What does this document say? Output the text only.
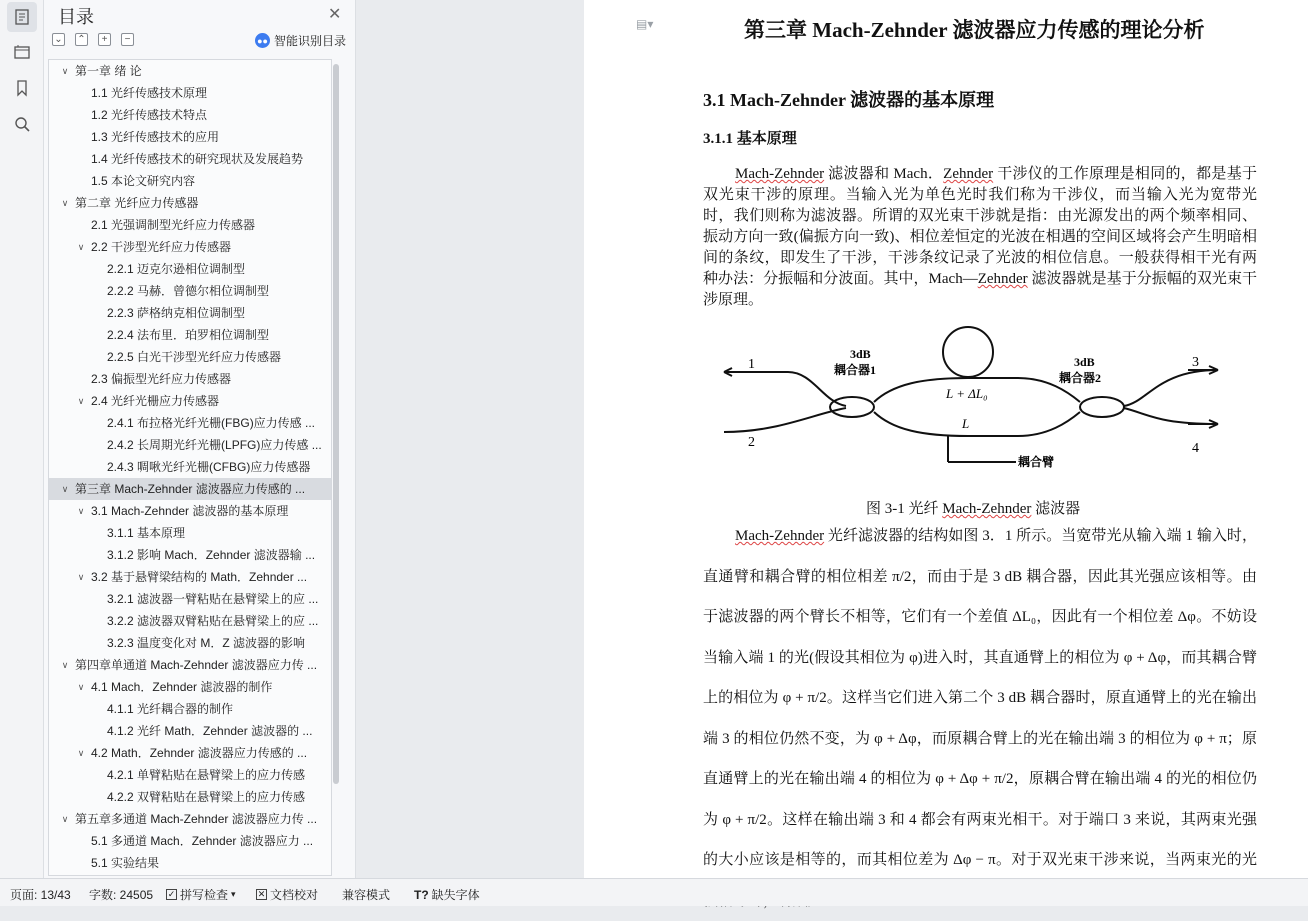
目录	✕
⌄ ⌃	+	−	●● 智能识别目录
∨ 第一章 绪 论
1.1 光纤传感技术原理
1.2 光纤传感技术特点
1.3 光纤传感技术的应用
1.4 光纤传感技术的研究现状及发展趋势
1.5 本论文研究内容
∨ 第二章 光纤应力传感器
2.1 光强调制型光纤应力传感器
∨ 2.2 干涉型光纤应力传感器
2.2.1 迈克尔逊相位调制型
2.2.2 马赫．曾德尔相位调制型
2.2.3 萨格纳克相位调制型
2.2.4 法布里．珀罗相位调制型
2.2.5 白光干涉型光纤应力传感器
2.3 偏振型光纤应力传感器
∨ 2.4 光纤光栅应力传感器
2.4.1 布拉格光纤光栅(FBG)应力传感 ...
2.4.2 长周期光纤光栅(LPFG)应力传感 ...
2.4.3 啁啾光纤光栅(CFBG)应力传感器
∨ 第三章 Mach-Zehnder 滤波器应力传感的 ...
∨ 3.1 Mach-Zehnder 滤波器的基本原理
3.1.1 基本原理
3.1.2 影响 Mach．Zehnder 滤波器输 ...
∨ 3.2 基于悬臂梁结构的 Math．Zehnder ...
3.2.1 滤波器一臂粘贴在悬臂梁上的应 ...
3.2.2 滤波器双臂粘贴在悬臂梁上的应 ...
3.2.3 温度变化对 M．Z 滤波器的影响
∨ 第四章单通道 Mach-Zehnder 滤波器应力传 ...
∨ 4.1 Mach．Zehnder 滤波器的制作
4.1.1 光纤耦合器的制作
4.1.2 光纤 Math．Zehnder 滤波器的 ...
∨ 4.2 Math．Zehnder 滤波器应力传感的 ...
4.2.1 单臂粘贴在悬臂梁上的应力传感
4.2.2 双臂粘贴在悬臂梁上的应力传感
∨ 第五章多通道 Mach-Zehnder 滤波器应力传 ...
5.1 多通道 Mach．Zehnder 滤波器应力 ...
5.1 实验结果
▤▾	第三章 Mach-Zehnder 滤波器应力传感的理论分析
3.1 Mach-Zehnder 滤波器的基本原理
3.1.1 基本原理
Mach-Zehnder 滤波器和 Mach．Zehnder 干涉仪的工作原理是相同的，都是基于双光束干涉的原理。当输入光为单色光时我们称为干涉仪，而当输入光为宽带光时，我们则称为滤波器。所谓的双光束干涉就是指：由光源发出的两个频率相同、振动方向一致(偏振方向一致)、相位差恒定的光波在相遇的空间区域将会产生明暗相间的条纹，即发生了干涉，干涉条纹记录了光波的相位信息。一般获得相干光有两种办法：分振幅和分波面。其中，Mach—Zehnder 滤波器就是基于分振幅的双光束干涉原理。
1
2
3
4
3dB
耦合器1
3dB
耦合器2
L + ΔL₀
L
耦合臂
图 3-1 光纤 Mach-Zehnder 滤波器
Mach-Zehnder 光纤滤波器的结构如图 3．1 所示。当宽带光从输入端 1 输入时，直通臂和耦合臂的相位相差 π/2，而由于是 3 dB 耦合器，因此其光强应该相等。由于滤波器的两个臂长不相等，它们有一个差值 ΔL₀，因此有一个相位差 Δφ。不妨设当输入端 1 的光(假设其相位为 φ)进入时，其直通臂上的相位为 φ + Δφ，而其耦合臂上的相位为 φ + π/2。这样当它们进入第二个 3 dB 耦合器时，原直通臂上的光在输出端 3 的相位仍然不变，为 φ + Δφ，而原耦合臂上的光在输出端 3 的相位为 φ + π；原直通臂上的光在输出端 4 的相位为 φ + Δφ + π/2，原耦合臂在输出端 4 的光的相位仍为 φ + π/2。这样在输出端 3 和 4 都会有两束光相干。对于端口 3 来说，其两束光强的大小应该是相等的，而其相位差为 Δφ − π。对于双光束干涉来说，当两束光的光
页面: 13/43 字数: 24505 ✓ 拼写检查 ▾ ✕ 文档校对 兼容模式 T? 缺失字体
